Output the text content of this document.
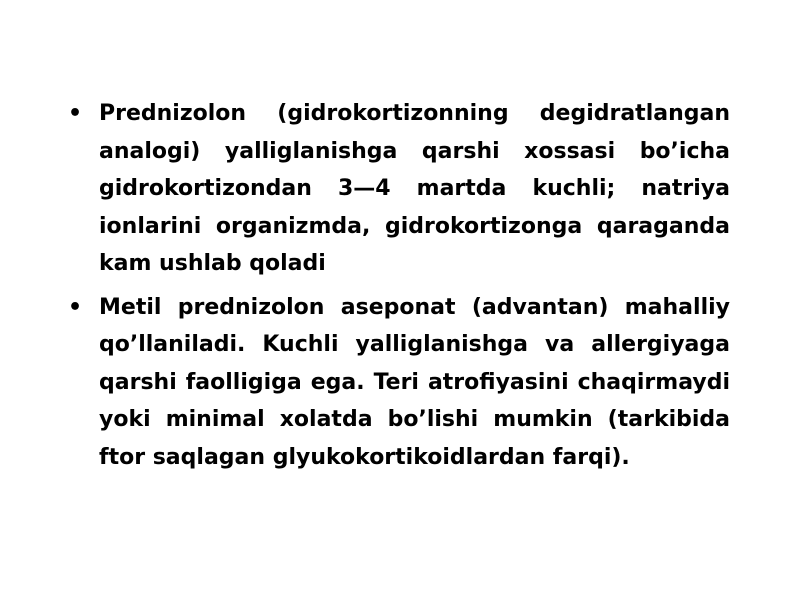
• Prednizolon (gidrokortizonning degidratlangan analogi) yalliglanishga qarshi xossasi bo’icha gidrokortizondan 3—4 martda kuchli; natriya ionlarini organizmda, gidrokortizonga qaraganda kam ushlab qoladi
• Metil prednizolon aseponat (advantan) mahalliy qo’llaniladi. Kuchli yalliglanishga va allergiyaga qarshi faolligiga ega. Teri atrofiyasini chaqirmaydi yoki minimal xolatda bo’lishi mumkin (tarkibida ftor saqlagan glyukokortikoidlardan farqi).
